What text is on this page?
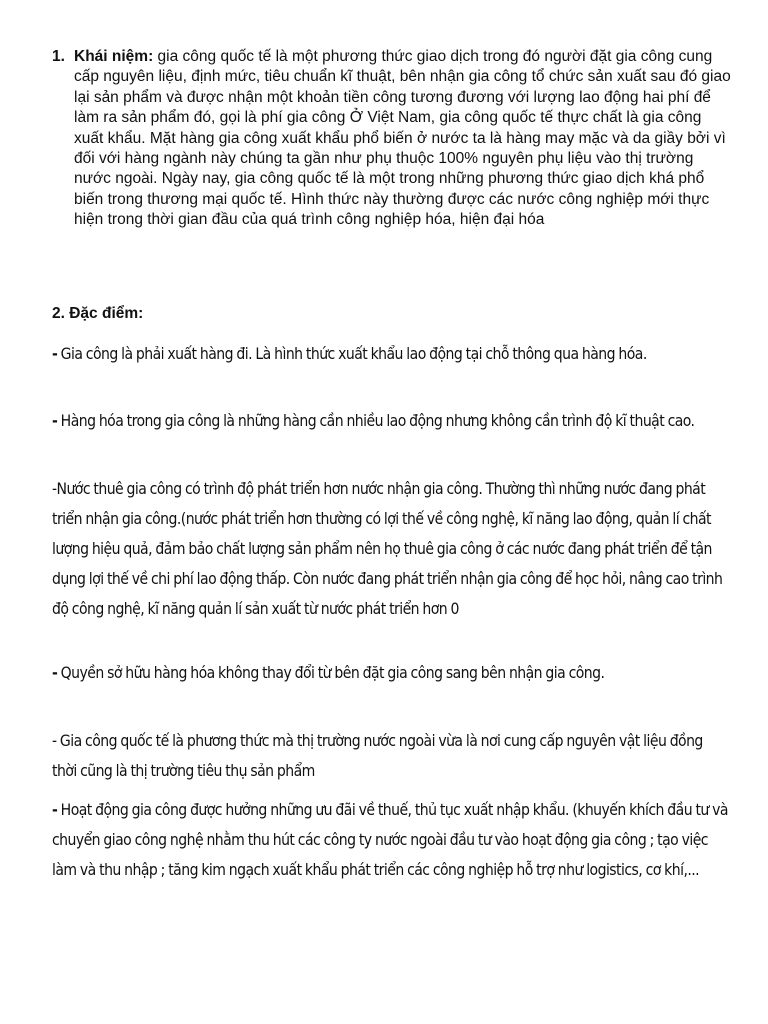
1. Khái niệm: gia công quốc tế là một phương thức giao dịch trong đó người đặt gia công cung cấp nguyên liệu, định mức, tiêu chuẩn kĩ thuật, bên nhận gia công tổ chức sản xuất sau đó giao lại sản phẩm và được nhận một khoản tiền công tương đương với lượng lao động hai phí để làm ra sản phẩm đó, gọi là phí gia công Ở Việt Nam, gia công quốc tế thực chất là gia công xuất khẩu. Mặt hàng gia công xuất khẩu phổ biến ở nước ta là hàng may mặc và da giầy bởi vì đối với hàng ngành này chúng ta gần như phụ thuộc 100% nguyên phụ liệu vào thị trường nước ngoài. Ngày nay, gia công quốc tế là một trong những phương thức giao dịch khá phổ biến trong thương mại quốc tế. Hình thức này thường được các nước công nghiệp mới thực hiện trong thời gian đầu của quá trình công nghiệp hóa, hiện đại hóa
2. Đặc điểm:
- Gia công là phải xuất hàng đi. Là hình thức xuất khẩu lao động tại chỗ thông qua hàng hóa.
- Hàng hóa trong gia công là những hàng cần nhiều lao động nhưng không cần trình độ kĩ thuật cao.
-Nước thuê gia công có trình độ phát triển hơn nước nhận gia công. Thường thì những nước đang phát triển nhận gia công.(nước phát triển hơn thường có lợi thế về công nghệ, kĩ năng lao động, quản lí chất lượng hiệu quả, đảm bảo chất lượng sản phẩm nên họ thuê gia công ở các nước đang phát triển để tận dụng lợi thế về chi phí lao động thấp. Còn nước đang phát triển nhận gia công để học hỏi, nâng cao trình độ công nghệ, kĩ năng quản lí sản xuất từ nước phát triển hơn 0
- Quyền sở hữu hàng hóa không thay đổi từ bên đặt gia công sang bên nhận gia công.
- Gia công quốc tế là phương thức mà thị trường nước ngoài vừa là nơi cung cấp nguyên vật liệu đồng thời cũng là thị trường tiêu thụ sản phẩm
- Hoạt động gia công được hưởng những ưu đãi về thuế, thủ tục xuất nhập khẩu. (khuyến khích đầu tư và chuyển giao công nghệ nhằm thu hút các công ty nước ngoài đầu tư vào hoạt động gia công ; tạo việc làm và thu nhập ; tăng kim ngạch xuất khẩu phát triển các công nghiệp hỗ trợ như logistics, cơ khí,...
